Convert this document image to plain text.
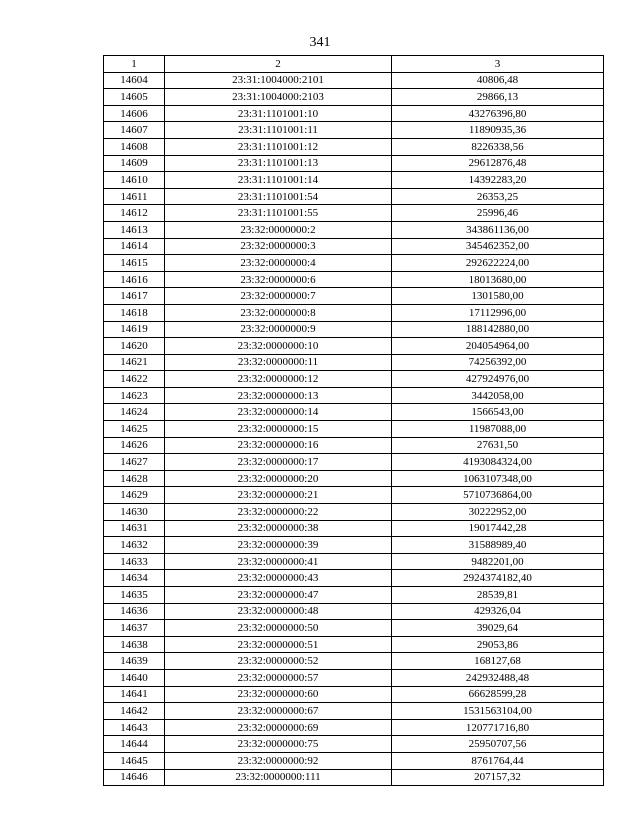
341
1	2	3
14604	23:31:1004000:2101	40806,48
14605	23:31:1004000:2103	29866,13
14606	23:31:1101001:10	43276396,80
14607	23:31:1101001:11	11890935,36
14608	23:31:1101001:12	8226338,56
14609	23:31:1101001:13	29612876,48
14610	23:31:1101001:14	14392283,20
14611	23:31:1101001:54	26353,25
14612	23:31:1101001:55	25996,46
14613	23:32:0000000:2	343861136,00
14614	23:32:0000000:3	345462352,00
14615	23:32:0000000:4	292622224,00
14616	23:32:0000000:6	18013680,00
14617	23:32:0000000:7	1301580,00
14618	23:32:0000000:8	17112996,00
14619	23:32:0000000:9	188142880,00
14620	23:32:0000000:10	204054964,00
14621	23:32:0000000:11	74256392,00
14622	23:32:0000000:12	427924976,00
14623	23:32:0000000:13	3442058,00
14624	23:32:0000000:14	1566543,00
14625	23:32:0000000:15	11987088,00
14626	23:32:0000000:16	27631,50
14627	23:32:0000000:17	4193084324,00
14628	23:32:0000000:20	1063107348,00
14629	23:32:0000000:21	5710736864,00
14630	23:32:0000000:22	30222952,00
14631	23:32:0000000:38	19017442,28
14632	23:32:0000000:39	31588989,40
14633	23:32:0000000:41	9482201,00
14634	23:32:0000000:43	2924374182,40
14635	23:32:0000000:47	28539,81
14636	23:32:0000000:48	429326,04
14637	23:32:0000000:50	39029,64
14638	23:32:0000000:51	29053,86
14639	23:32:0000000:52	168127,68
14640	23:32:0000000:57	242932488,48
14641	23:32:0000000:60	66628599,28
14642	23:32:0000000:67	1531563104,00
14643	23:32:0000000:69	120771716,80
14644	23:32:0000000:75	25950707,56
14645	23:32:0000000:92	8761764,44
14646	23:32:0000000:111	207157,32
